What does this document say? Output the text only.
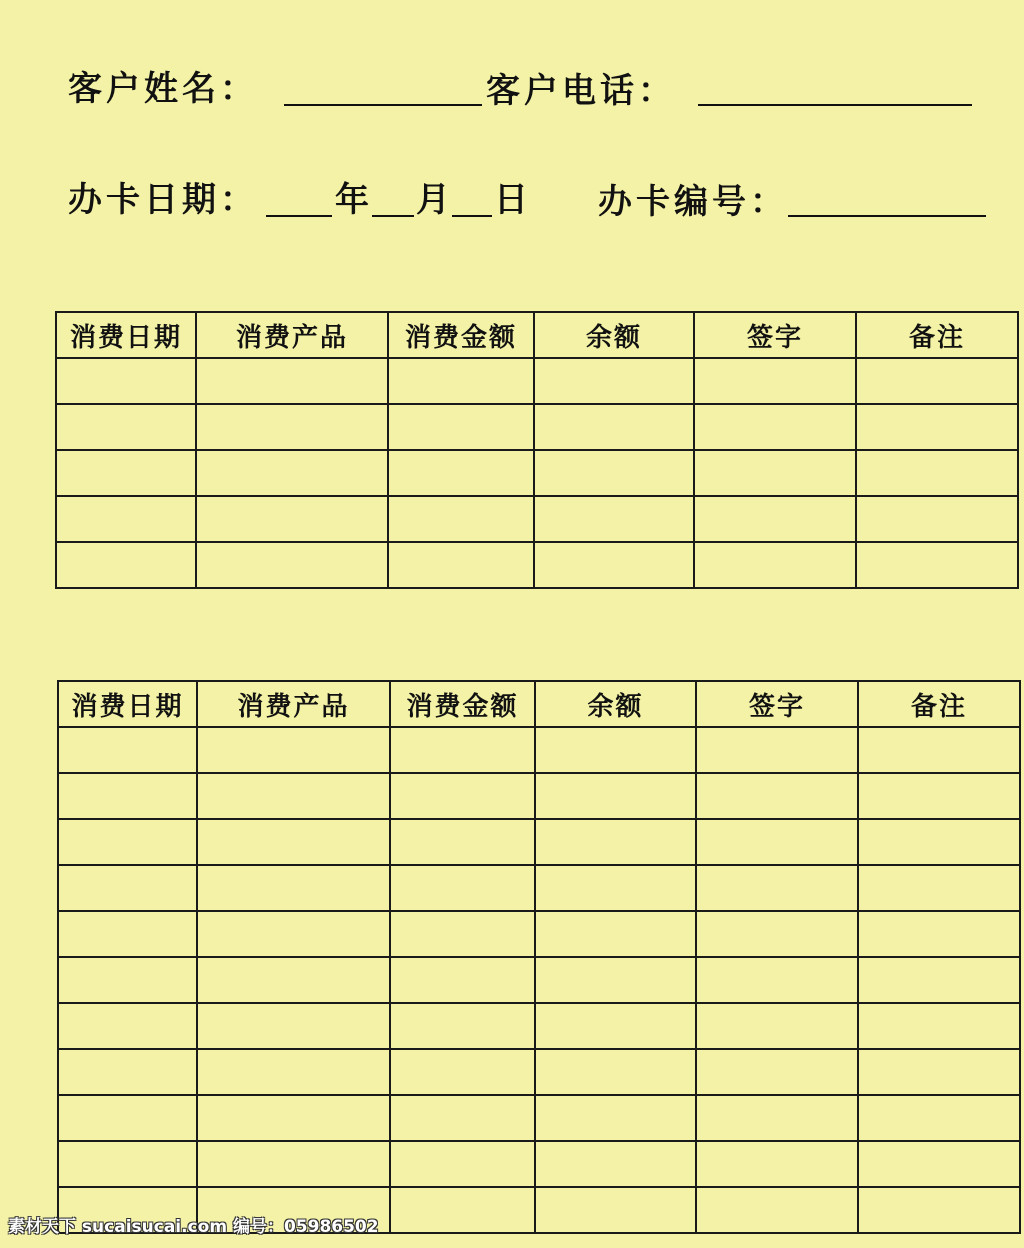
客户姓名：	客户电话：
办卡日期： 年 月 日 办卡编号：
消费日期	消费产品	消费金额	余额	签字	备注

消费日期	消费产品	消费金额	余额	签字	备注

素材天下 sucaisucai.com 编号：05986502
